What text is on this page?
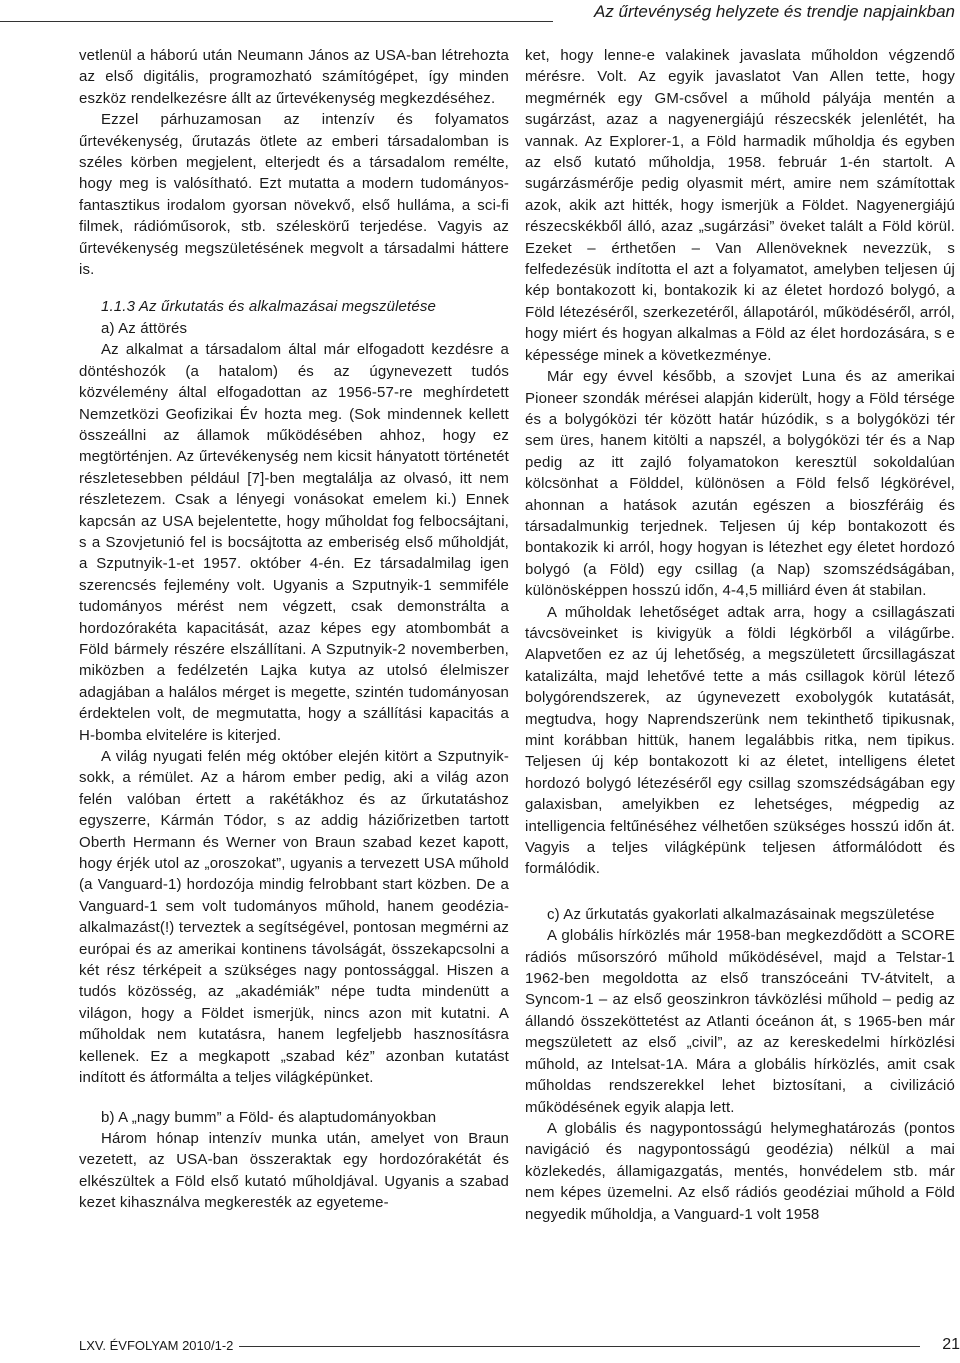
Az űrtevénység helyzete és trendje napjainkban

vetlenül a háború után Neumann János az USA-ban létrehozta az első digitális, programozható számítógépet, így minden eszköz rendelkezésre állt az űrtevékenység megkezdéséhez.

Ezzel párhuzamosan az intenzív és folyamatos űrtevékenység, űrutazás ötlete az emberi társadalomban is széles körben megjelent, elterjedt és a társadalom remélte, hogy meg is valósítható. Ezt mutatta a modern tudományos-fantasztikus irodalom gyorsan növekvő, első hulláma, a sci-fi filmek, rádióműsorok, stb. széleskörű terjedése. Vagyis az űrtevékenység megszületésének megvolt a társadalmi háttere is.

1.1.3 Az űrkutatás és alkalmazásai megszületése

a) Az áttörés

Az alkalmat a társadalom által már elfogadott kezdésre a döntéshozók (a hatalom) és az úgynevezett tudós közvélemény által elfogadottan az 1956-57-re meghírdetett Nemzetközi Geofizikai Év hozta meg. (Sok mindennek kellett összeállni az államok működésében ahhoz, hogy ez megtörténjen. Az űrtevékenység nem kicsit hányatott történetét részletesebben például [7]-ben megtalálja az olvasó, itt nem részletezem. Csak a lényegi vonásokat emelem ki.) Ennek kapcsán az USA bejelentette, hogy műholdat fog felbocsájtani, s a Szovjetunió fel is bocsájtotta az emberiség első műholdját, a Szputnyik-1-et 1957. október 4-én. Ez társadalmilag igen szerencsés fejlemény volt. Ugyanis a Szputnyik-1 semmiféle tudományos mérést nem végzett, csak demonstrálta a hordozórakéta kapacitását, azaz képes egy atombombát a Föld bármely részére elszállítani. A Szputnyik-2 novemberben, miközben a fedélzetén Lajka kutya az utolsó élelmiszer adagjában a halálos mérget is megette, szintén tudományosan érdektelen volt, de megmutatta, hogy a szállítási kapacitás a H-bomba elvitelére is kiterjed.

A világ nyugati felén még október elején kitört a Szputnyik-sokk, a rémület. Az a három ember pedig, aki a világ azon felén valóban értett a rakétákhoz és az űrkutatáshoz egyszerre, Kármán Tódor, s az addig háziőrizetben tartott Oberth Hermann és Werner von Braun szabad kezet kapott, hogy érjék utol az „oroszokat”, ugyanis a tervezett USA műhold (a Vanguard-1) hordozója mindig felrobbant start közben. De a Vanguard-1 sem volt tudományos műhold, hanem geodézia-alkalmazást(!) terveztek a segítségével, pontosan megmérni az európai és az amerikai kontinens távolságát, összekapcsolni a két rész térképeit a szükséges nagy pontossággal. Hiszen a tudós közösség, az „akadémiák” népe tudta mindenütt a világon, hogy a Földet ismerjük, nincs azon mit kutatni. A műholdak nem kutatásra, hanem legfeljebb hasznosításra kellenek. Ez a megkapott „szabad kéz” azonban kutatást indított és átformálta a teljes világképünket.

b) A „nagy bumm” a Föld- és alaptudományokban

Három hónap intenzív munka után, amelyet von Braun vezetett, az USA-ban összeraktak egy hordozórakétát és elkészültek a Föld első kutató műholdjával. Ugyanis a szabad kezet kihasználva megkeresték az egyeteme-

ket, hogy lenne-e valakinek javaslata műholdon végzendő mérésre. Volt. Az egyik javaslatot Van Allen tette, hogy megmérnék egy GM-csővel a műhold pályája mentén a sugárzást, azaz a nagyenergiájú részecskék jelenlétét, ha vannak. Az Explorer-1, a Föld harmadik műholdja és egyben az első kutató műholdja, 1958. február 1-én startolt. A sugárzásmérője pedig olyasmit mért, amire nem számítottak azok, akik azt hitték, hogy ismerjük a Földet. Nagyenergiájú részecskékből álló, azaz „sugárzási” öveket talált a Föld körül. Ezeket – érthetően – Van Allenöveknek nevezzük, s felfedezésük indította el azt a folyamatot, amelyben teljesen új kép bontakozott ki, bontakozik ki az életet hordozó bolygó, a Föld létezéséről, szerkezetéről, állapotáról, működéséről, arról, hogy miért és hogyan alkalmas a Föld az élet hordozására, s e képessége minek a következménye.

Már egy évvel később, a szovjet Luna és az amerikai Pioneer szondák mérései alapján kiderült, hogy a Föld térsége és a bolygóközi tér között határ húzódik, s a bolygóközi tér sem üres, hanem kitölti a napszél, a bolygóközi tér és a Nap pedig az itt zajló folyamatokon keresztül sokoldalúan kölcsönhat a Földdel, különösen a Föld felső légkörével, ahonnan a hatások azután egészen a bioszféráig és társadalmunkig terjednek. Teljesen új kép bontakozott és bontakozik ki arról, hogy hogyan is létezhet egy életet hordozó bolygó (a Föld) egy csillag (a Nap) szomszédságában, különösképpen hosszú időn, 4-4,5 milliárd éven át stabilan.

A műholdak lehetőséget adtak arra, hogy a csillagászati távcsöveinket is kivigyük a földi légkörből a világűrbe. Alapvetően ez az új lehetőség, a megszületett űrcsillagászat katalizálta, majd lehetővé tette a más csillagok körül létező bolygórendszerek, az úgynevezett exobolygók kutatását, megtudva, hogy Naprendszerünk nem tekinthető tipikusnak, mint korábban hittük, hanem legalábbis ritka, nem tipikus. Teljesen új kép bontakozott ki az életet, intelligens életet hordozó bolygó létezéséről egy csillag szomszédságában egy galaxisban, amelyikben ez lehetséges, mégpedig az intelligencia feltűnéséhez vélhetően szükséges hosszú időn át. Vagyis a teljes világképünk teljesen átformálódott és formálódik.

c) Az űrkutatás gyakorlati alkalmazásainak megszületése

A globális hírközlés már 1958-ban megkezdődött a SCORE rádiós műsorszóró műhold működésével, majd a Telstar-1 1962-ben megoldotta az első transzóceáni TV-átvitelt, a Syncom-1 – az első geoszinkron távközlési műhold – pedig az állandó összeköttetést az Atlanti óceánon át, s 1965-ben már megszületett az első „civil”, az az kereskedelmi hírközlési műhold, az Intelsat-1A. Mára a globális hírközlés, amit csak műholdas rendszerekkel lehet biztosítani, a civilizáció működésének egyik alapja lett.

A globális és nagypontosságú helymeghatározás (pontos navigáció és nagypontosságú geodézia) nélkül a mai közlekedés, államigazgatás, mentés, honvédelem stb. már nem képes üzemelni. Az első rádiós geodéziai műhold a Föld negyedik műholdja, a Vanguard-1 volt 1958

LXV. ÉVFOLYAM 2010/1-2	21
